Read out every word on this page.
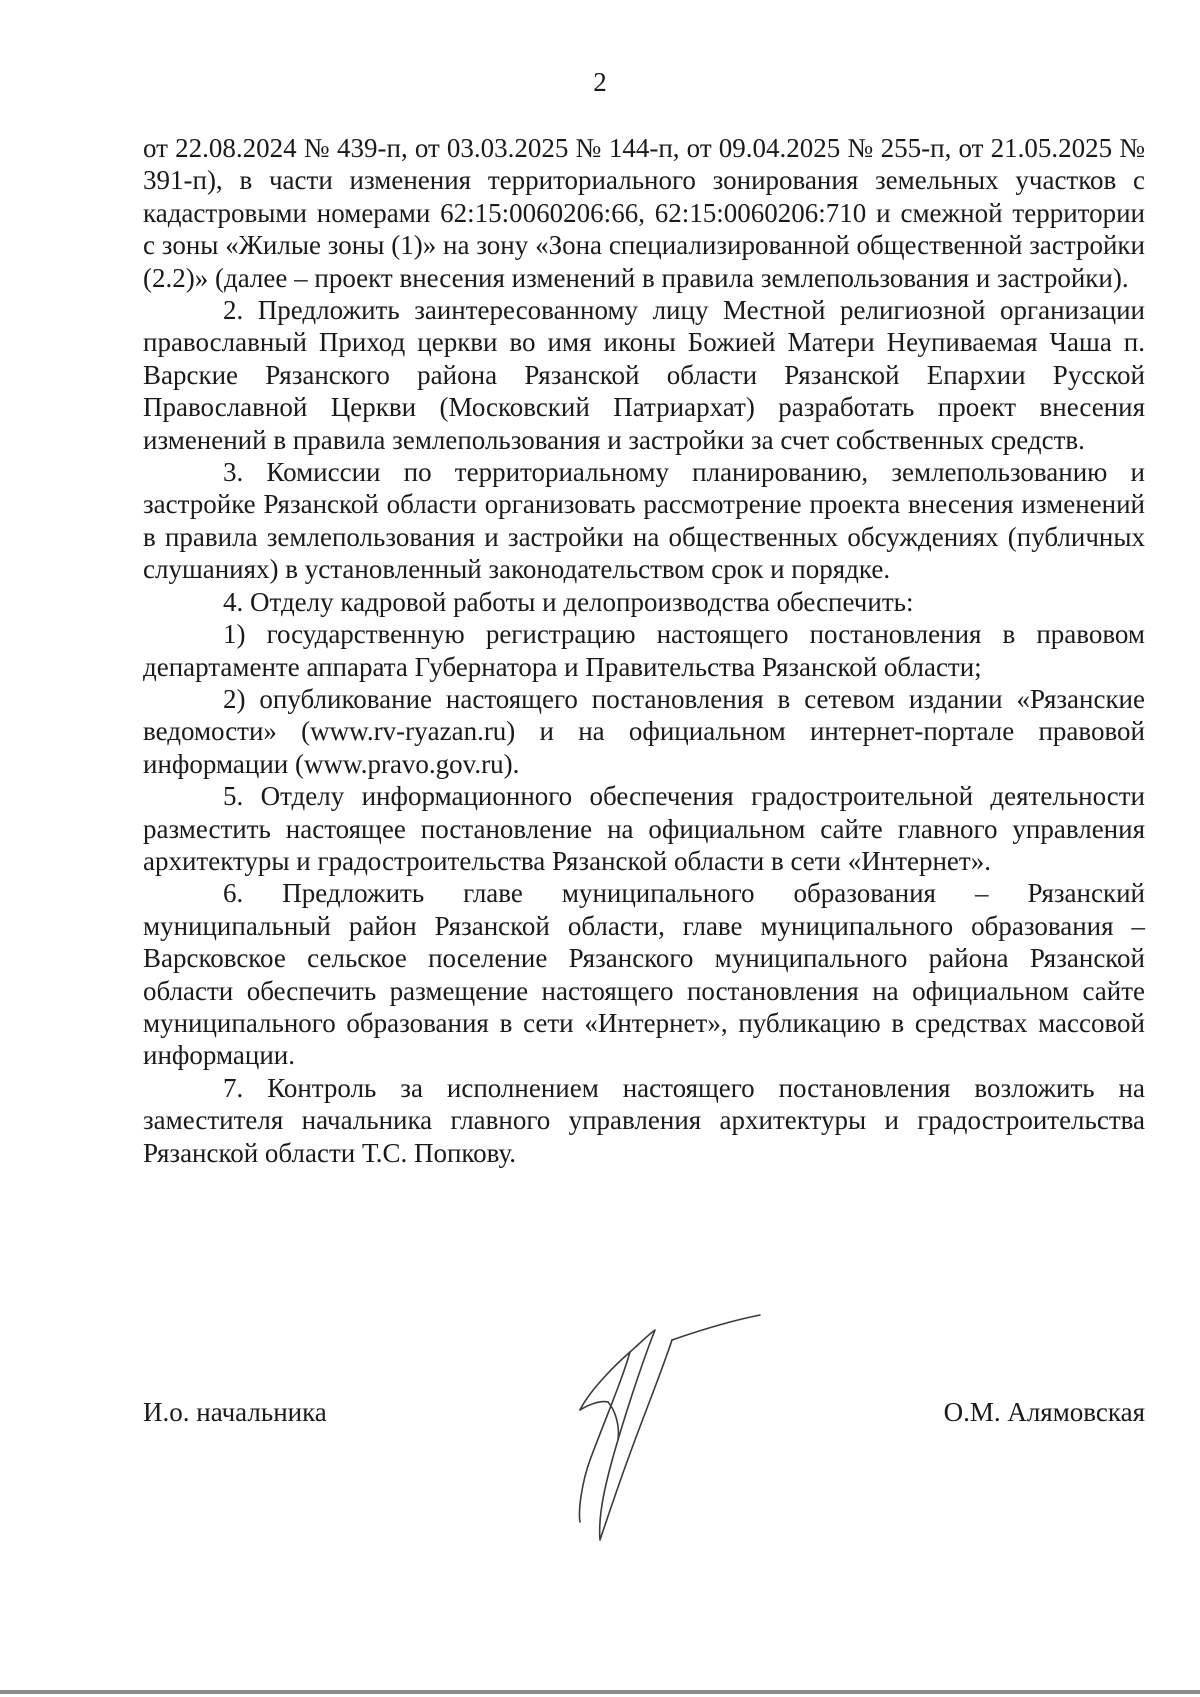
2

от 22.08.2024 № 439-п, от 03.03.2025 № 144-п, от 09.04.2025 № 255-п, от 21.05.2025 № 391-п), в части изменения территориального зонирования земельных участков с кадастровыми номерами 62:15:0060206:66, 62:15:0060206:710 и смежной территории с зоны «Жилые зоны (1)» на зону «Зона специализированной общественной застройки (2.2)» (далее – проект внесения изменений в правила землепользования и застройки).

2. Предложить заинтересованному лицу Местной религиозной организации православный Приход церкви во имя иконы Божией Матери Неупиваемая Чаша п. Варские Рязанского района Рязанской области Рязанской Епархии Русской Православной Церкви (Московский Патриархат) разработать проект внесения изменений в правила землепользования и застройки за счет собственных средств.

3. Комиссии по территориальному планированию, землепользованию и застройке Рязанской области организовать рассмотрение проекта внесения изменений в правила землепользования и застройки на общественных обсуждениях (публичных слушаниях) в установленный законодательством срок и порядке.

4. Отделу кадровой работы и делопроизводства обеспечить:

1) государственную регистрацию настоящего постановления в правовом департаменте аппарата Губернатора и Правительства Рязанской области;

2) опубликование настоящего постановления в сетевом издании «Рязанские ведомости» (www.rv-ryazan.ru) и на официальном интернет-портале правовой информации (www.pravo.gov.ru).

5. Отделу информационного обеспечения градостроительной деятельности разместить настоящее постановление на официальном сайте главного управления архитектуры и градостроительства Рязанской области в сети «Интернет».

6. Предложить главе муниципального образования – Рязанский муниципальный район Рязанской области, главе муниципального образования – Варсковское сельское поселение Рязанского муниципального района Рязанской области обеспечить размещение настоящего постановления на официальном сайте муниципального образования в сети «Интернет», публикацию в средствах массовой информации.

7. Контроль за исполнением настоящего постановления возложить на заместителя начальника главного управления архитектуры и градостроительства Рязанской области Т.С. Попкову.

И.о. начальника	О.М. Алямовская
